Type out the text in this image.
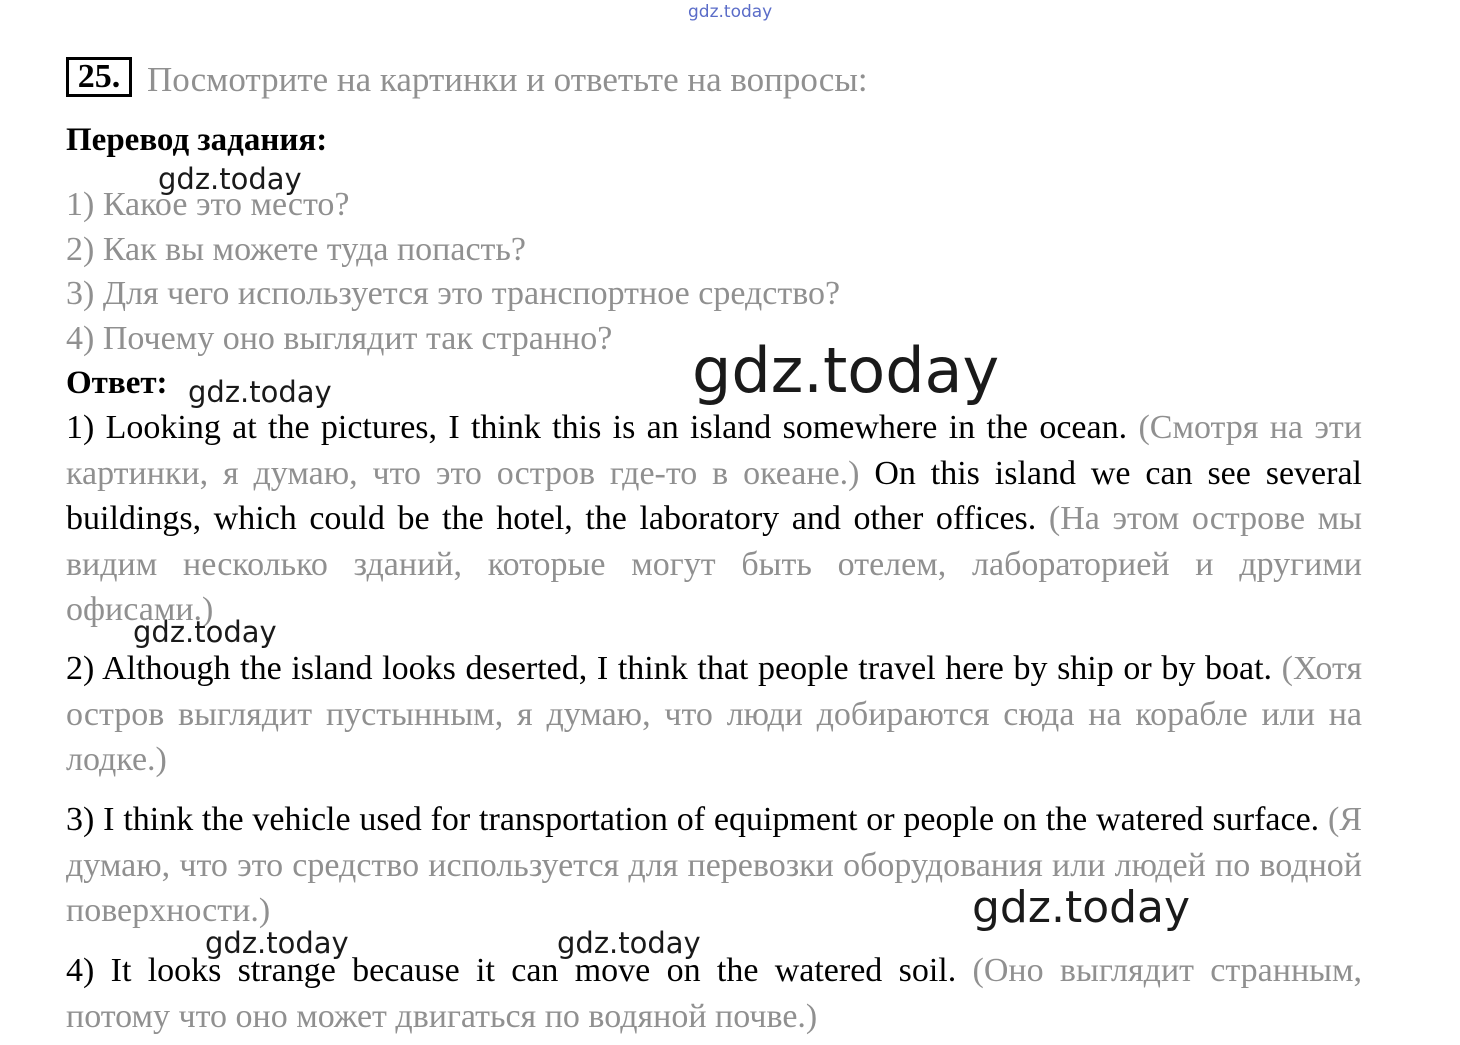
gdz.today
25. Посмотрите на картинки и ответьте на вопросы:
Перевод задания:
1) Какое это место?
2) Как вы можете туда попасть?
3) Для чего используется это транспортное средство?
4) Почему оно выглядит так странно?
Ответ:
1) Looking at the pictures, I think this is an island somewhere in the ocean. (Смотря на эти картинки, я думаю, что это остров где-то в океане.) On this island we can see several buildings, which could be the hotel, the laboratory and other offices. (На этом острове мы видим несколько зданий, которые могут быть отелем, лабораторией и другими офисами.)
2) Although the island looks deserted, I think that people travel here by ship or by boat. (Хотя остров выглядит пустынным, я думаю, что люди добираются сюда на корабле или на лодке.)
3) I think the vehicle used for transportation of equipment or people on the watered surface. (Я думаю, что это средство используется для перевозки оборудования или людей по водной поверхности.)
4) It looks strange because it can move on the watered soil. (Оно выглядит странным, потому что оно может двигаться по водяной почве.)
gdz.today
gdz.today	gdz.today
gdz.today
gdz.today
gdz.today	gdz.today
